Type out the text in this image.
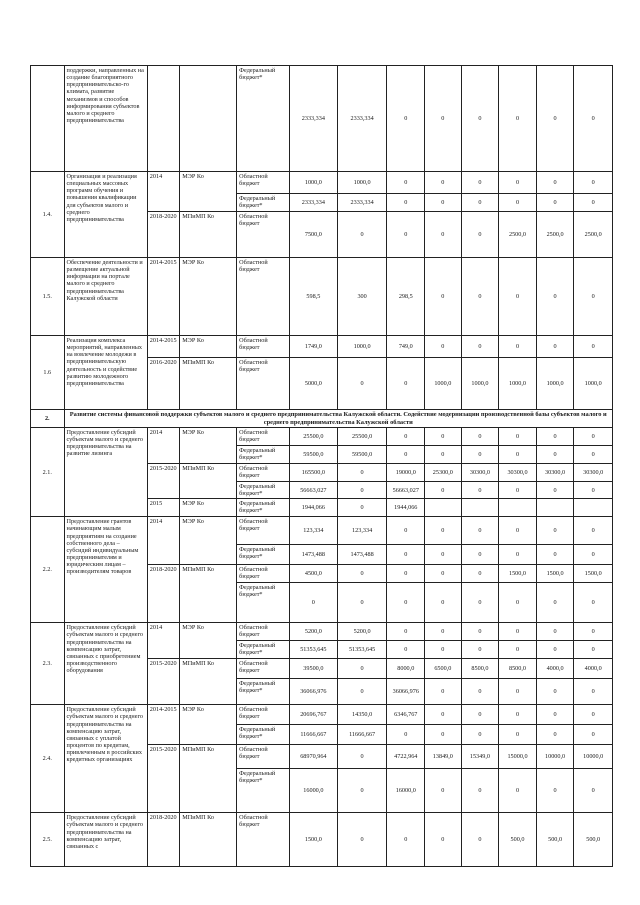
	поддержки, направленных на создание благоприятного предпринимательско-го климата, развитие механизмов и способов информирования субъектов малого и среднего предпринимательства			Федеральный бюджет*	2333,334	2333,334	0	0	0	0	0	0
1.4.	Организация и реализация специальных массовых программ обучения и повышения квалификации для субъектов малого и среднего предпринимательства	2014	МЭР Ко	Областной бюджет	1000,0	1000,0	0	0	0	0	0	0
				Федеральный бюджет*	2333,334	2333,334	0	0	0	0	0	0
		2018-2020	МПиМП Ко	Областной бюджет	7500,0	0	0	0	0	2500,0	2500,0	2500,0
1.5.	Обеспечение деятельности и размещение актуальной информации на портале малого и среднего предпринимательства Калужской области	2014-2015	МЭР Ко	Областной бюджет	598,5	300	298,5	0	0	0	0	0
1.6	Реализация комплекса мероприятий, направленных на вовлечение молодежи в предпринимательскую деятельность и содействие развитию молодежного предпринимательства	2014-2015	МЭР Ко	Областной бюджет	1749,0	1000,0	749,0	0	0	0	0	0
		2016-2020	МПиМП Ко	Областной бюджет	5000,0	0	0	1000,0	1000,0	1000,0	1000,0	1000,0
2.	Развитие системы финансовой поддержки субъектов малого и среднего предпринимательства Калужской области. Содействие модернизации производственной базы субъектов малого и среднего предпринимательства Калужской области											
2.1.	Предоставление субсидий субъектам малого и среднего предпринимательства на развитие лизинга	2014	МЭР Ко	Областной бюджет	25500,0	25500,0	0	0	0	0	0	0
				Федеральный бюджет*	59500,0	59500,0	0	0	0	0	0	0
		2015-2020	МПиМП Ко	Областной бюджет	165500,0	0	19000,0	25300,0	30300,0	30300,0	30300,0	30300,0
				Федеральный бюджет*	56663,027	0	56663,027	0	0	0	0	0
		2015	МЭР Ко	Федеральный бюджет*	1944,066	0	1944,066					
2.2.	Предоставление грантов начинающим малым предприятиям на создание собственного дела – субсидий индивидуальным предпринимателям и юридическим лицам – производителям товаров	2014	МЭР Ко	Областной бюджет	123,334	123,334	0	0	0	0	0	0
				Федеральный бюджет*	1473,488	1473,488	0	0	0	0	0	0
		2018-2020	МПиМП Ко	Областной бюджет	4500,0	0	0	0	0	1500,0	1500,0	1500,0
				Федеральный бюджет*	0	0	0	0	0	0	0	0
2.3.	Предоставление субсидий субъектам малого и среднего предпринимательства на компенсацию затрат, связанных с приобретением производственного оборудования	2014	МЭР Ко	Областной бюджет	5200,0	5200,0	0	0	0	0	0	0
				Федеральный бюджет*	51353,645	51353,645	0	0	0	0	0	0
		2015-2020	МПиМП Ко	Областной бюджет	39500,0	0	8000,0	6500,0	8500,0	8500,0	4000,0	4000,0
				Федеральный бюджет*	36066,976	0	36066,976	0	0	0	0	0
2.4.	Предоставление субсидий субъектам малого и среднего предпринимательства на компенсацию затрат, связанных с уплатой процентов по кредитам, привлеченным в российских кредитных организациях	2014-2015	МЭР Ко	Областной бюджет	20696,767	14350,0	6346,767	0	0	0	0	0
				Федеральный бюджет*	11666,667	11666,667	0	0	0	0	0	0
		2015-2020	МПиМП Ко	Областной бюджет	68970,964	0	4722,964	13849,0	15349,0	15000,0	10000,0	10000,0
				Федеральный бюджет*	16000,0	0	16000,0	0	0	0	0	0
2.5.	Предоставление субсидий субъектам малого и среднего предпринимательства на компенсацию затрат, связанных с	2018-2020	МПиМП Ко	Областной бюджет	1500,0	0	0	0	0	500,0	500,0	500,0
